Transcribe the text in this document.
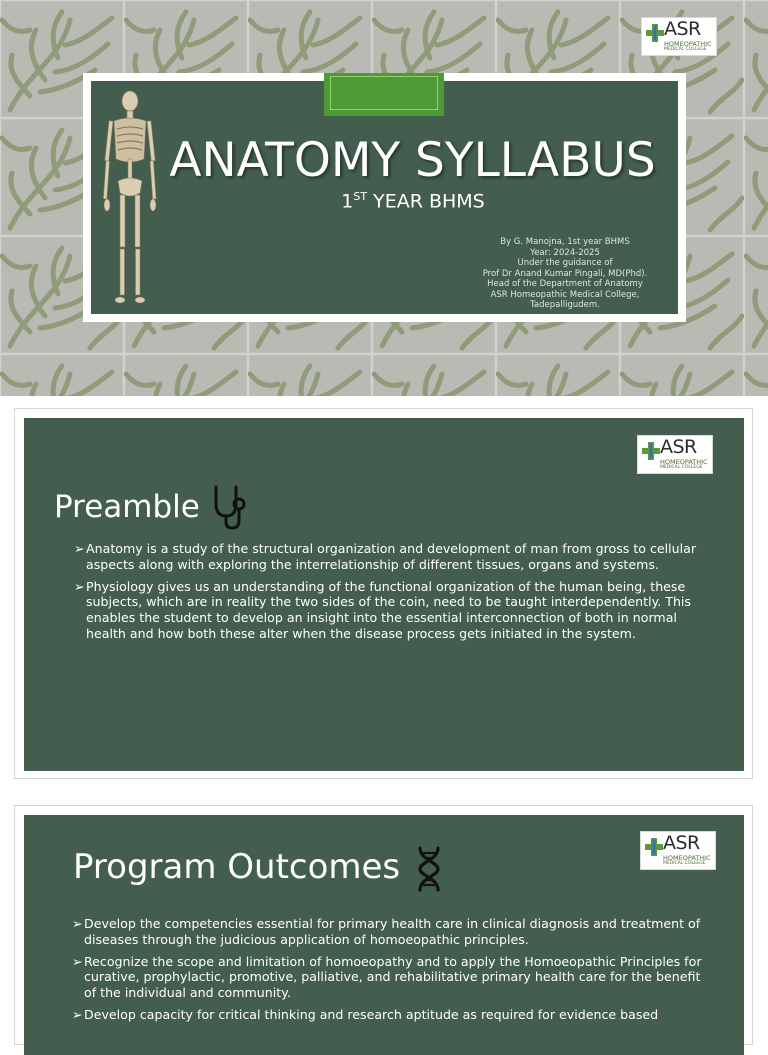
ASR
HOMEOPATHIC
MEDICAL COLLEGE
ANATOMY SYLLABUS
1ST YEAR BHMS
By G. Manojna, 1st year BHMS
Year: 2024-2025
Under the guidance of
Prof Dr Anand Kumar Pingali, MD(Phd).
Head of the Department of Anatomy
ASR Homeopathic Medical College,
Tadepalligudem.
ASR
HOMEOPATHIC
MEDICAL COLLEGE
Preamble
➢ Anatomy is a study of the structural organization and development of man from gross to cellular aspects along with exploring the interrelationship of different tissues, organs and systems.
➢ Physiology gives us an understanding of the functional organization of the human being, these subjects, which are in reality the two sides of the coin, need to be taught interdependently. This enables the student to develop an insight into the essential interconnection of both in normal health and how both these alter when the disease process gets initiated in the system.
ASR
HOMEOPATHIC
MEDICAL COLLEGE
Program Outcomes
➢ Develop the competencies essential for primary health care in clinical diagnosis and treatment of diseases through the judicious application of homoeopathic principles.
➢ Recognize the scope and limitation of homoeopathy and to apply the Homoeopathic Principles for curative, prophylactic, promotive, palliative, and rehabilitative primary health care for the benefit of the individual and community.
➢ Develop capacity for critical thinking and research aptitude as required for evidence based
